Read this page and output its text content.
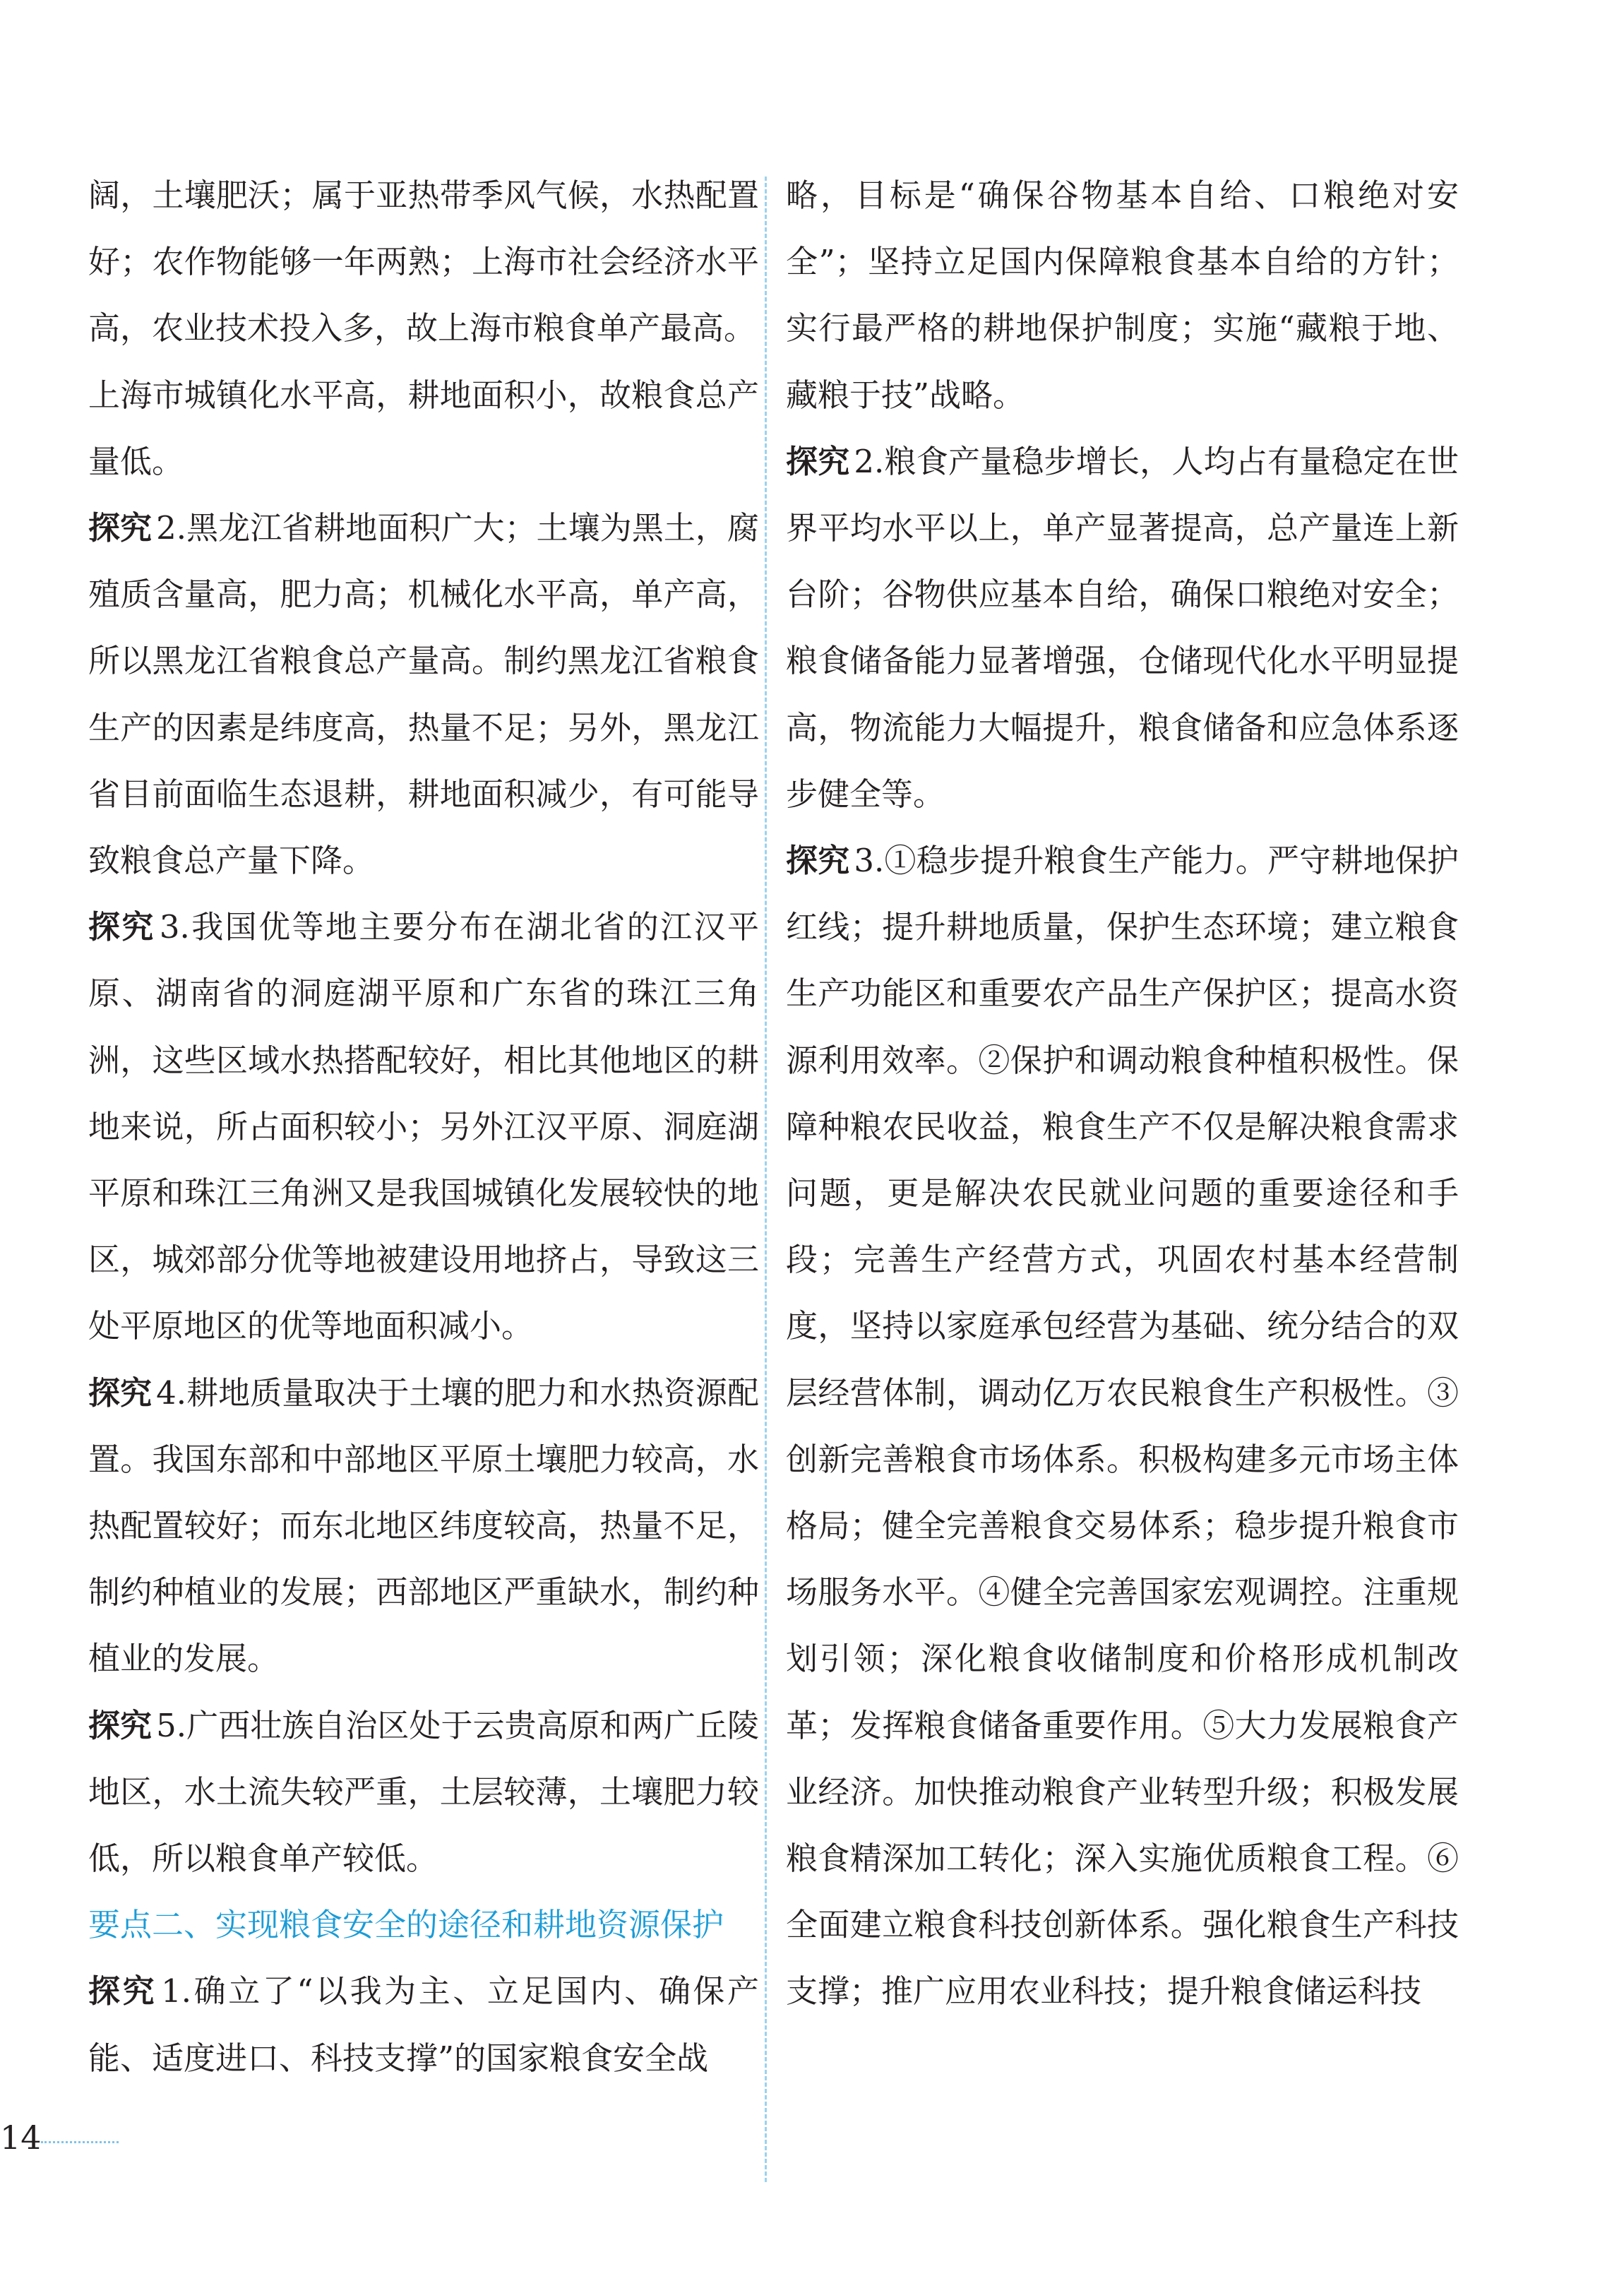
阔，土壤肥沃；属于亚热带季风气候，水热配置好；农作物能够一年两熟；上海市社会经济水平高，农业技术投入多，故上海市粮食单产最高。

上海市城镇化水平高，耕地面积小，故粮食总产量低。

探究 2.黑龙江省耕地面积广大；土壤为黑土，腐殖质含量高，肥力高；机械化水平高，单产高，所以黑龙江省粮食总产量高。制约黑龙江省粮食生产的因素是纬度高，热量不足；另外，黑龙江省目前面临生态退耕，耕地面积减少，有可能导致粮食总产量下降。

探究 3.我国优等地主要分布在湖北省的江汉平原、湖南省的洞庭湖平原和广东省的珠江三角洲，这些区域水热搭配较好，相比其他地区的耕地来说，所占面积较小；另外江汉平原、洞庭湖平原和珠江三角洲又是我国城镇化发展较快的地区，城郊部分优等地被建设用地挤占，导致这三处平原地区的优等地面积减小。

探究 4.耕地质量取决于土壤的肥力和水热资源配置。我国东部和中部地区平原土壤肥力较高，水热配置较好；而东北地区纬度较高，热量不足，制约种植业的发展；西部地区严重缺水，制约种植业的发展。

探究 5.广西壮族自治区处于云贵高原和两广丘陵地区，水土流失较严重，土层较薄，土壤肥力较低，所以粮食单产较低。

要点二、实现粮食安全的途径和耕地资源保护

探究 1.确立了“以我为主、立足国内、确保产能、适度进口、科技支撑”的国家粮食安全战

略，目标是“确保谷物基本自给、口粮绝对安全”；坚持立足国内保障粮食基本自给的方针；实行最严格的耕地保护制度；实施“藏粮于地、藏粮于技”战略。

探究 2.粮食产量稳步增长，人均占有量稳定在世界平均水平以上，单产显著提高，总产量连上新台阶；谷物供应基本自给，确保口粮绝对安全；粮食储备能力显著增强，仓储现代化水平明显提高，物流能力大幅提升，粮食储备和应急体系逐步健全等。

探究 3.①稳步提升粮食生产能力。严守耕地保护红线；提升耕地质量，保护生态环境；建立粮食生产功能区和重要农产品生产保护区；提高水资源利用效率。②保护和调动粮食种植积极性。保障种粮农民收益，粮食生产不仅是解决粮食需求问题，更是解决农民就业问题的重要途径和手段；完善生产经营方式，巩固农村基本经营制度，坚持以家庭承包经营为基础、统分结合的双层经营体制，调动亿万农民粮食生产积极性。③创新完善粮食市场体系。积极构建多元市场主体格局；健全完善粮食交易体系；稳步提升粮食市场服务水平。④健全完善国家宏观调控。注重规划引领；深化粮食收储制度和价格形成机制改革；发挥粮食储备重要作用。⑤大力发展粮食产业经济。加快推动粮食产业转型升级；积极发展粮食精深加工转化；深入实施优质粮食工程。⑥全面建立粮食科技创新体系。强化粮食生产科技支撑；推广应用农业科技；提升粮食储运科技

14
